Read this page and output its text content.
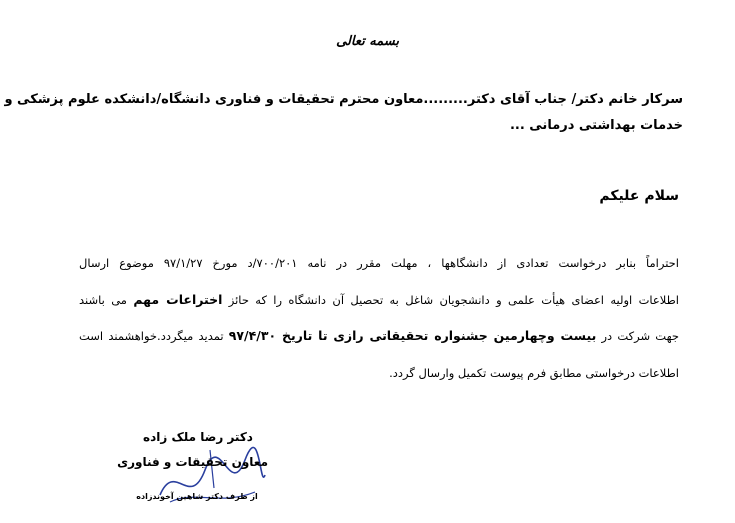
بسمه تعالی
سرکار خانم دکتر/ جناب آقای دکتر.........معاون محترم تحقیقات و فناوری دانشگاه/دانشکده علوم پزشکی و
خدمات بهداشتی درمانی ...
سلام علیکم
احتراماً بنابر درخواست تعدادی از دانشگاهها ، مهلت مقرر در نامه ۷۰۰/۲۰۱/د مورخ ۹۷/۱/۲۷ موضوع ارسال
اطلاعات اولیه اعضای هیأت علمی و دانشجویان شاغل به تحصیل آن دانشگاه را که حائز اختراعات مهم می باشند
جهت شرکت در بیست وچهارمین جشنواره تحقیقاتی رازی تا تاریخ ۹۷/۴/۳۰ تمدید میگردد.خواهشمند است
اطلاعات درخواستی مطابق فرم پیوست تکمیل وارسال گردد.
دکتر رضا ملک زاده
معاون تحقیقات و فناوری
از طرف دکتر شاهین آخوندزاده
